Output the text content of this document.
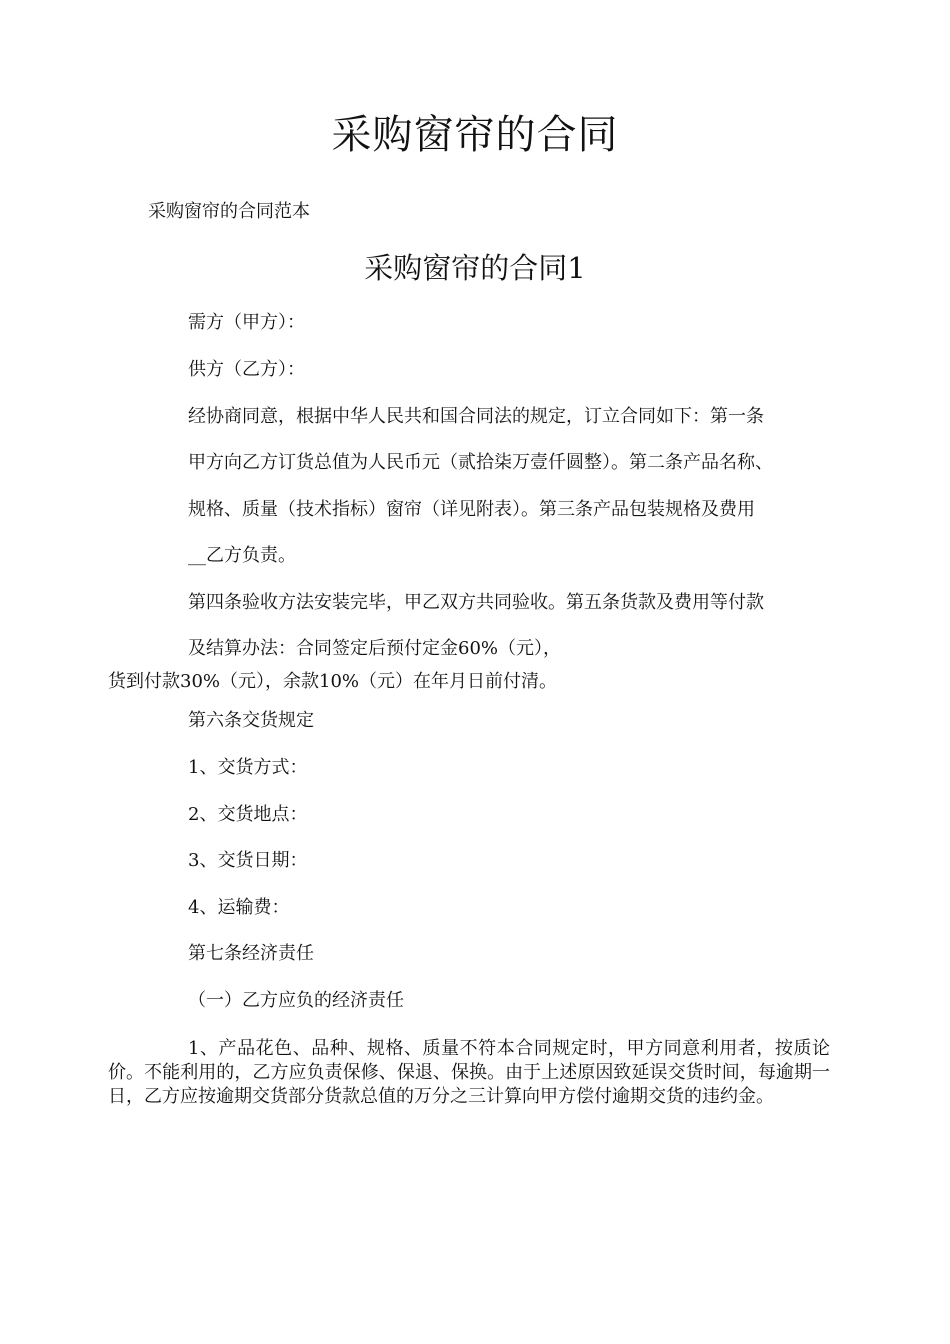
采购窗帘的合同
采购窗帘的合同范本
采购窗帘的合同1
需方（甲方）：
供方（乙方）：
经协商同意，根据中华人民共和国合同法的规定，订立合同如下：第一条
甲方向乙方订货总值为人民币元（贰拾柒万壹仟圆整）。第二条产品名称、
规格、质量（技术指标）窗帘（详见附表）。第三条产品包装规格及费用
__乙方负责。
第四条验收方法安装完毕，甲乙双方共同验收。第五条货款及费用等付款
及结算办法：合同签定后预付定金60%（元），
货到付款30%（元），余款10%（元）在年月日前付清。
第六条交货规定
1、交货方式：
2、交货地点：
3、交货日期：
4、运输费：
第七条经济责任
（一）乙方应负的经济责任
1、产品花色、品种、规格、质量不符本合同规定时，甲方同意利用者，按质论价。不能利用的，乙方应负责保修、保退、保换。由于上述原因致延误交货时间，每逾期一日，乙方应按逾期交货部分货款总值的万分之三计算向甲方偿付逾期交货的违约金。
